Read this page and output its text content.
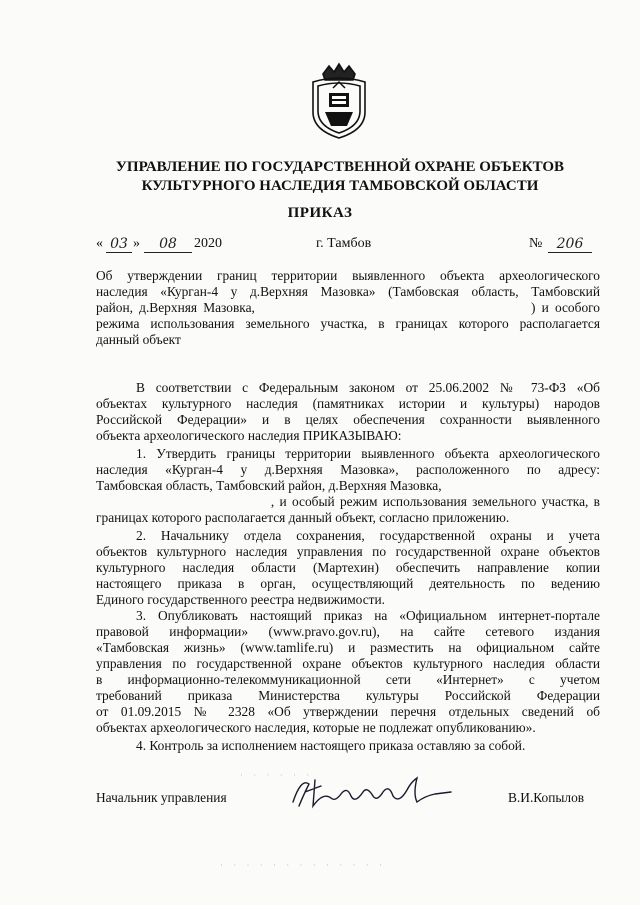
УПРАВЛЕНИЕ ПО ГОСУДАРСТВЕННОЙ ОХРАНЕ ОБЪЕКТОВ
КУЛЬТУРНОГО НАСЛЕДИЯ ТАМБОВСКОЙ ОБЛАСТИ
ПРИКАЗ
« 03 »	08	2020	г. Тамбов	№	206
Об утверждении границ территории выявленного объекта археологического
наследия «Курган-4 у д.Верхняя Мазовка» (Тамбовская область, Тамбовский
район, д.Верхняя Мазовка,                                             ) и особого
режима использования земельного участка, в границах которого располагается
данный объект
В соответствии с Федеральным законом от 25.06.2002 № 73-ФЗ «Об
объектах культурного наследия (памятниках истории и культуры) народов
Российской Федерации» и в целях обеспечения сохранности выявленного
объекта археологического наследия ПРИКАЗЫВАЮ:
1. Утвердить границы территории выявленного объекта археологического
наследия «Курган-4 у д.Верхняя Мазовка», расположенного по адресу:
Тамбовская область, Тамбовский район, д.Верхняя Мазовка,
, и особый режим использования земельного участка, в
границах которого располагается данный объект, согласно приложению.
2. Начальнику отдела сохранения, государственной охраны и учета
объектов культурного наследия управления по государственной охране объектов
культурного наследия области (Мартехин) обеспечить направление копии
настоящего приказа в орган, осуществляющий деятельность по ведению
Единого государственного реестра недвижимости.
3. Опубликовать настоящий приказ на «Официальном интернет-портале
правовой информации» (www.pravo.gov.ru), на сайте сетевого издания
«Тамбовская жизнь» (www.tamlife.ru) и разместить на официальном сайте
управления по государственной охране объектов культурного наследия области
в информационно-телекоммуникационной сети «Интернет» с учетом
требований приказа Министерства культуры Российской Федерации
от 01.09.2015 № 2328 «Об утверждении перечня отдельных сведений об
объектах археологического наследия, которые не подлежат опубликованию».
4. Контроль за исполнением настоящего приказа оставляю за собой.
Начальник управления	В.И.Копылов
· · · · · ·
· · · · · · · · · · · · ·
